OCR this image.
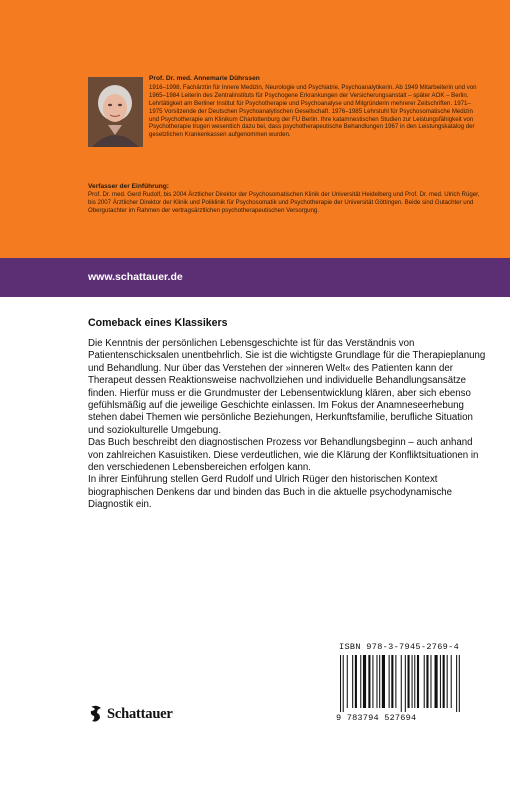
Prof. Dr. med. Annemarie Dührssen
1916–1998, Fachärztin für Innere Medizin, Neurologie und Psychiatrie, Psychoanalytikerin. Ab 1949 Mitarbeiterin und von 1965–1984 Leiterin des Zentralinstituts für Psychogene Erkrankungen der Versicherungsanstalt – später AOK – Berlin. Lehrtätigkeit am Berliner Institut für Psychotherapie und Psychoanalyse und Mitgründerin mehrerer Zeitschriften. 1971–1975 Vorsitzende der Deutschen Psychoanalytischen Gesellschaft. 1976–1985 Lehrstuhl für Psychosomatische Medizin und Psychotherapie am Klinikum Charlottenburg der FU Berlin. Ihre katamnestischen Studien zur Leistungsfähigkeit von Psychotherapie trugen wesentlich dazu bei, dass psychotherapeutische Behandlungen 1967 in den Leistungskatalog der gesetzlichen Krankenkassen aufgenommen wurden.
Verfasser der Einführung:
Prof. Dr. med. Gerd Rudolf, bis 2004 Ärztlicher Direktor der Psychosomatischen Klinik der Universität Heidelberg und Prof. Dr. med. Ulrich Rüger, bis 2007 Ärztlicher Direktor der Klinik und Poliklinik für Psychosomatik und Psychotherapie der Universität Göttingen. Beide sind Gutachter und Obergutachter im Rahmen der vertragsärztlichen psychotherapeutischen Versorgung.
www.schattauer.de
Comeback eines Klassikers

Die Kenntnis der persönlichen Lebensgeschichte ist für das Verständnis von Patientenschicksalen unentbehrlich. Sie ist die wichtigste Grundlage für die Therapieplanung und Behandlung. Nur über das Verstehen der »inneren Welt« des Patienten kann der Therapeut dessen Reaktionsweise nachvollziehen und individuelle Behandlungsansätze finden. Hierfür muss er die Grundmuster der Lebensentwicklung klären, aber sich ebenso gefühlsmäßig auf die jeweilige Geschichte einlassen. Im Fokus der Anamneseerhebung stehen dabei Themen wie persönliche Beziehungen, Herkunftsfamilie, berufliche Situation und soziokulturelle Umgebung.

Das Buch beschreibt den diagnostischen Prozess vor Behandlungsbeginn – auch anhand von zahlreichen Kasuistiken. Diese verdeutlichen, wie die Klärung der Konfliktsituationen in den verschiedenen Lebensbereichen erfolgen kann.

In ihrer Einführung stellen Gerd Rudolf und Ulrich Rüger den historischen Kontext biographischen Denkens dar und binden das Buch in die aktuelle psychodynamische Diagnostik ein.

ISBN 978-3-7945-2769-4
9 783794 527694
Schattauer
